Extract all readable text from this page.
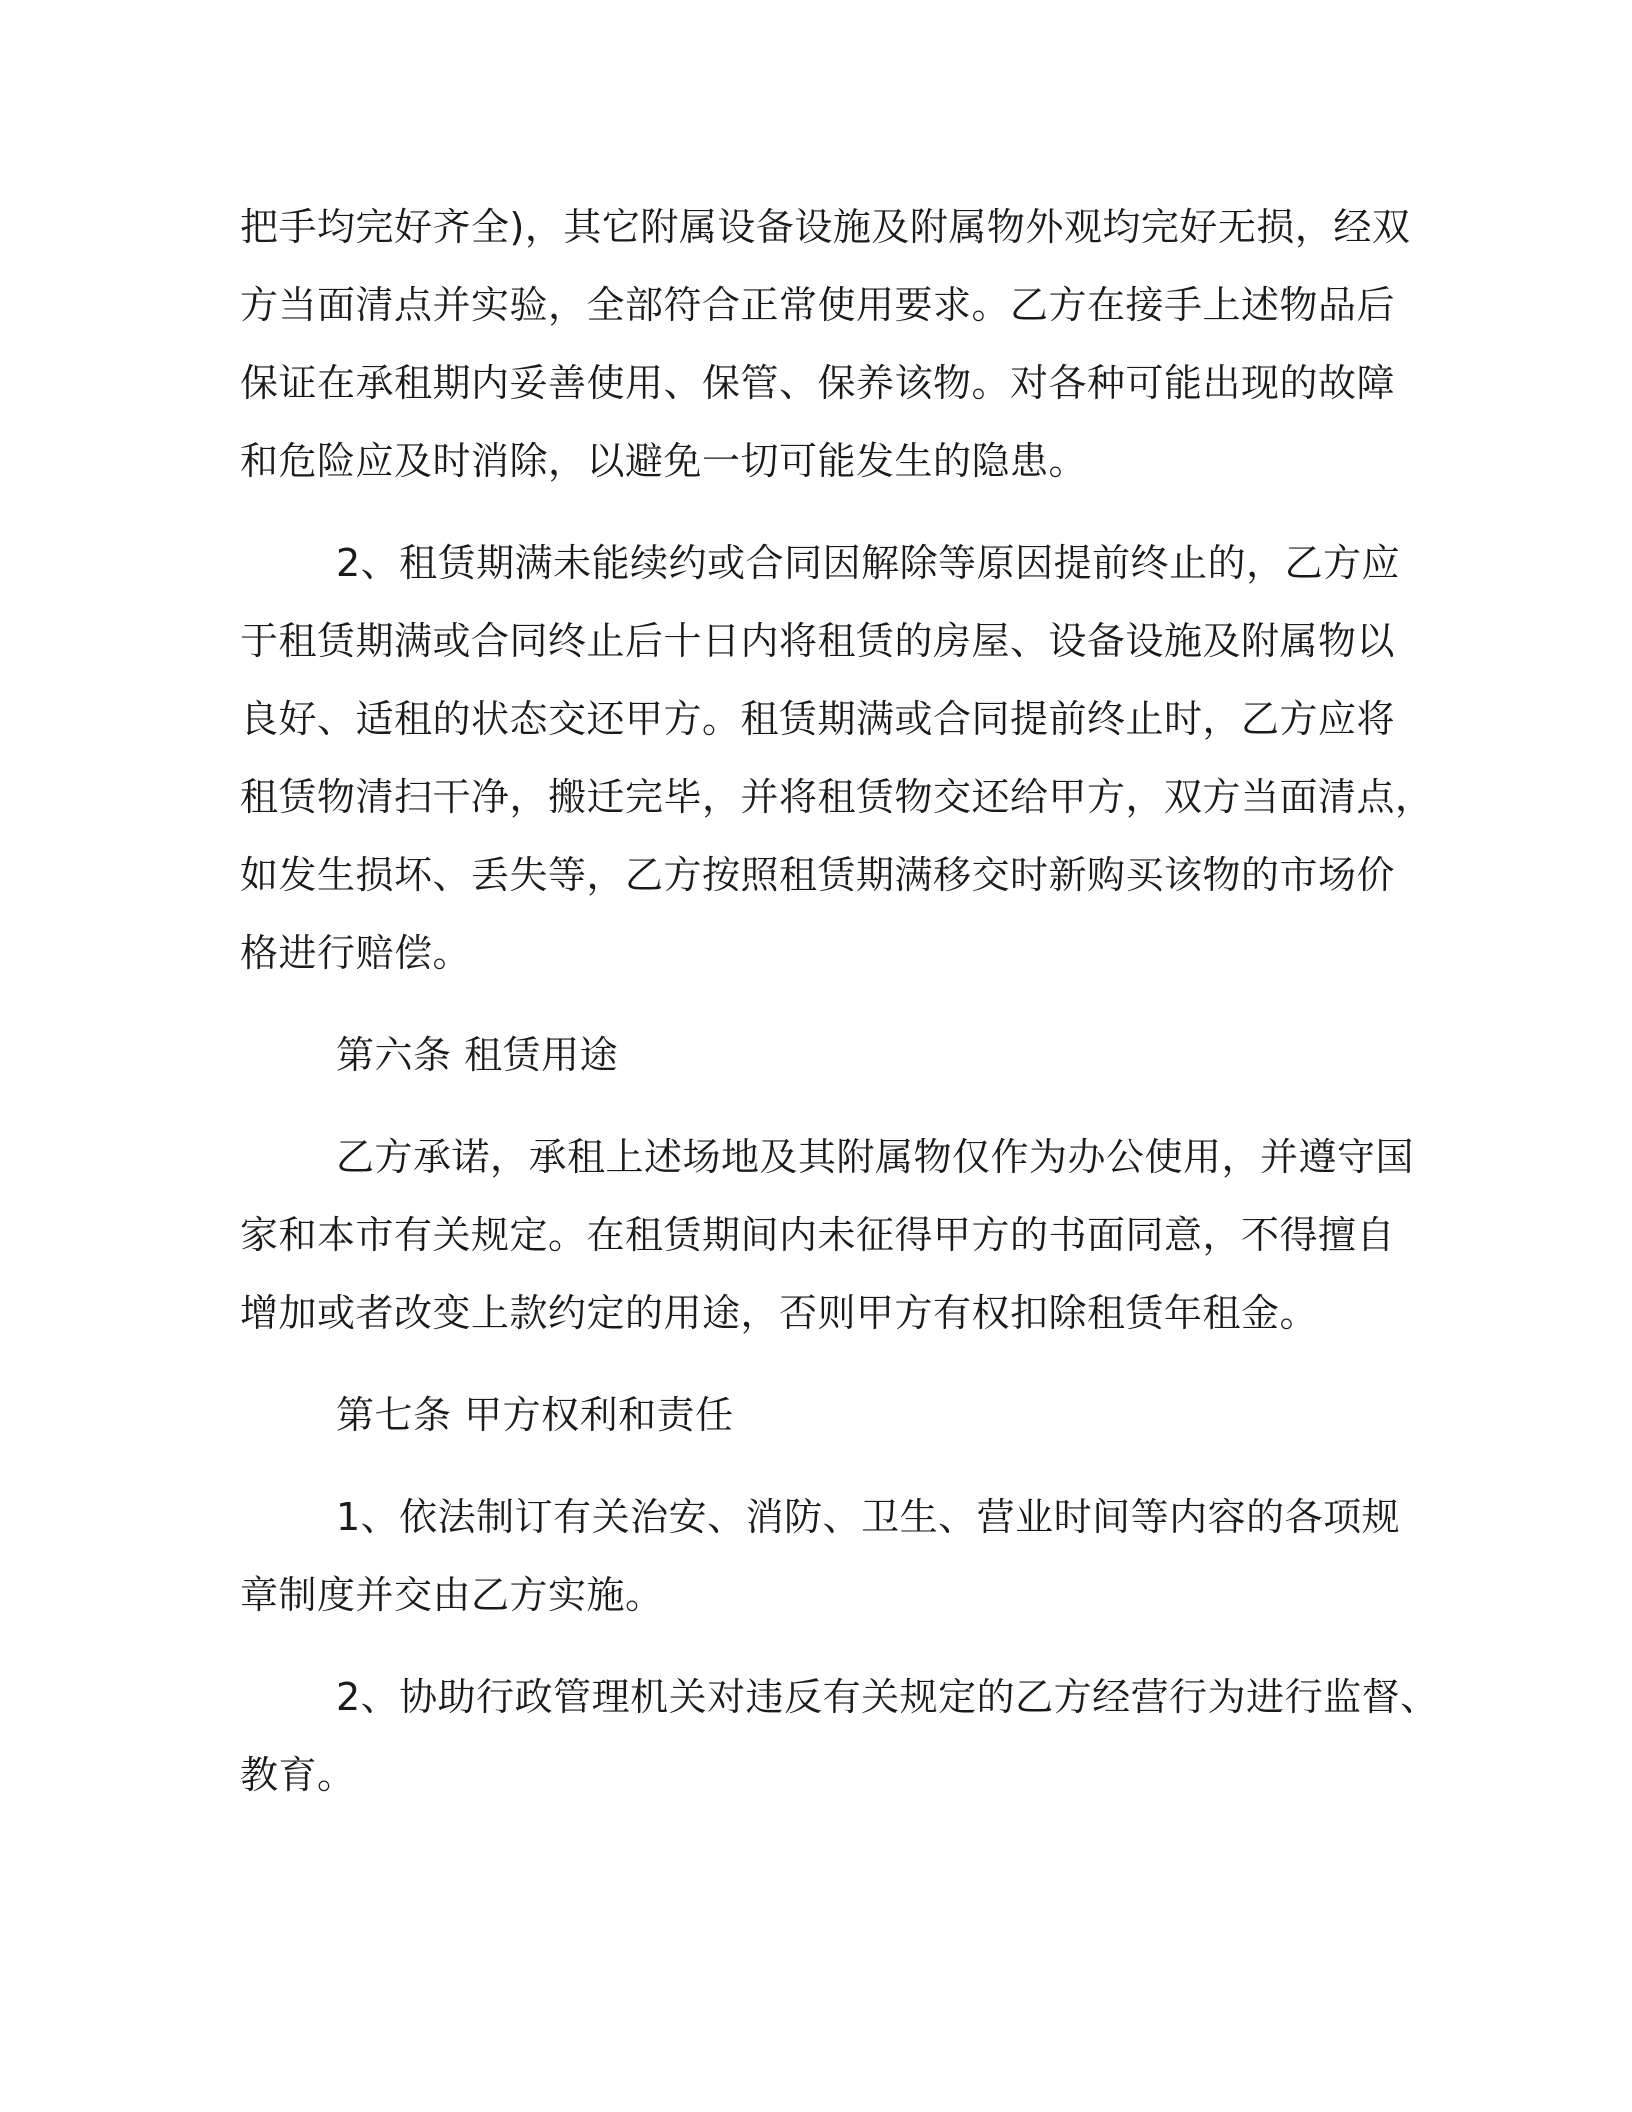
把手均完好齐全)，其它附属设备设施及附属物外观均完好无损，经双
方当面清点并实验，全部符合正常使用要求。乙方在接手上述物品后
保证在承租期内妥善使用、保管、保养该物。对各种可能出现的故障
和危险应及时消除，以避免一切可能发生的隐患。

2、租赁期满未能续约或合同因解除等原因提前终止的，乙方应
于租赁期满或合同终止后十日内将租赁的房屋、设备设施及附属物以
良好、适租的状态交还甲方。租赁期满或合同提前终止时，乙方应将
租赁物清扫干净，搬迁完毕，并将租赁物交还给甲方，双方当面清点，
如发生损坏、丢失等，乙方按照租赁期满移交时新购买该物的市场价
格进行赔偿。

第六条 租赁用途

乙方承诺，承租上述场地及其附属物仅作为办公使用，并遵守国
家和本市有关规定。在租赁期间内未征得甲方的书面同意，不得擅自
增加或者改变上款约定的用途，否则甲方有权扣除租赁年租金。

第七条 甲方权利和责任

1、依法制订有关治安、消防、卫生、营业时间等内容的各项规
章制度并交由乙方实施。

2、协助行政管理机关对违反有关规定的乙方经营行为进行监督、
教育。
